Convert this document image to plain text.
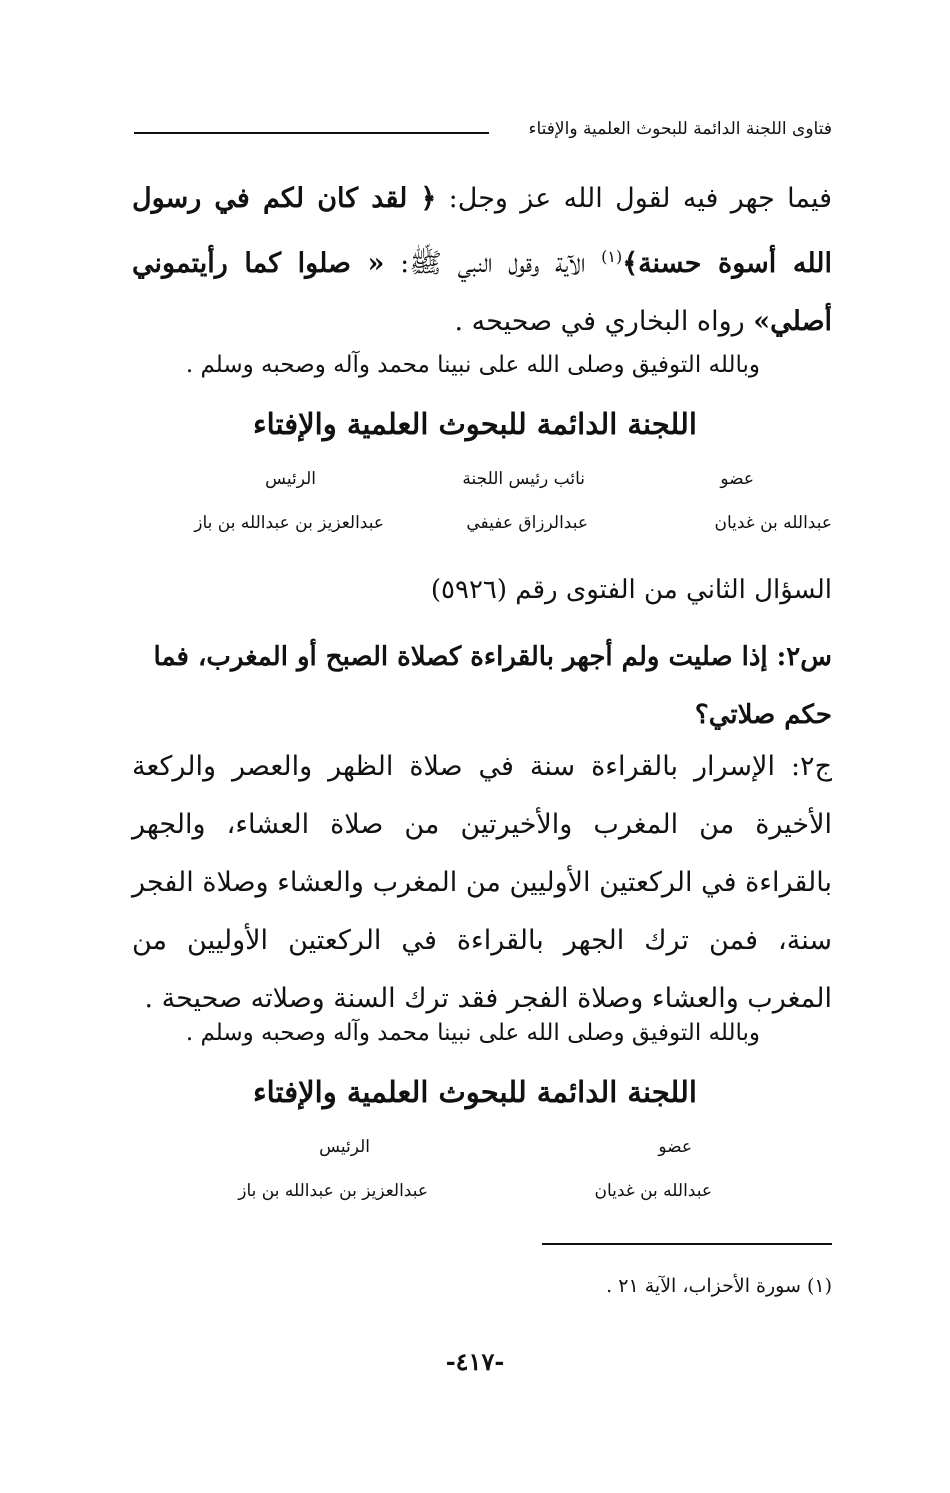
فتاوى اللجنة الدائمة للبحوث العلمية والإفتاء
فيما جهر فيه لقول الله عز وجل: ﴿ لقد كان لكم في رسول الله أسوة حسنة﴾$^{(١)}$ الآية وقول النبي ﷺ: « صلوا كما رأيتموني أصلي» رواه البخاري في صحيحه .
وبالله التوفيق وصلى الله على نبينا محمد وآله وصحبه وسلم .
اللجنة الدائمة للبحوث العلمية والإفتاء
عضو
نائب رئيس اللجنة
الرئيس
عبدالله بن غديان
عبدالرزاق عفيفي
عبدالعزيز بن عبدالله بن باز
السؤال الثاني من الفتوى رقم (٥٩٢٦)
س٢: إذا صليت ولم أجهر بالقراءة كصلاة الصبح أو المغرب، فما حكم صلاتي؟
ج٢: الإسرار بالقراءة سنة في صلاة الظهر والعصر والركعة الأخيرة من المغرب والأخيرتين من صلاة العشاء، والجهر بالقراءة في الركعتين الأوليين من المغرب والعشاء وصلاة الفجر سنة، فمن ترك الجهر بالقراءة في الركعتين الأوليين من المغرب والعشاء وصلاة الفجر فقد ترك السنة وصلاته صحيحة .
وبالله التوفيق وصلى الله على نبينا محمد وآله وصحبه وسلم .
اللجنة الدائمة للبحوث العلمية والإفتاء
عضو
الرئيس
عبدالله بن غديان
عبدالعزيز بن عبدالله بن باز
(١) سورة الأحزاب، الآية ٢١ .
-٤١٧-
